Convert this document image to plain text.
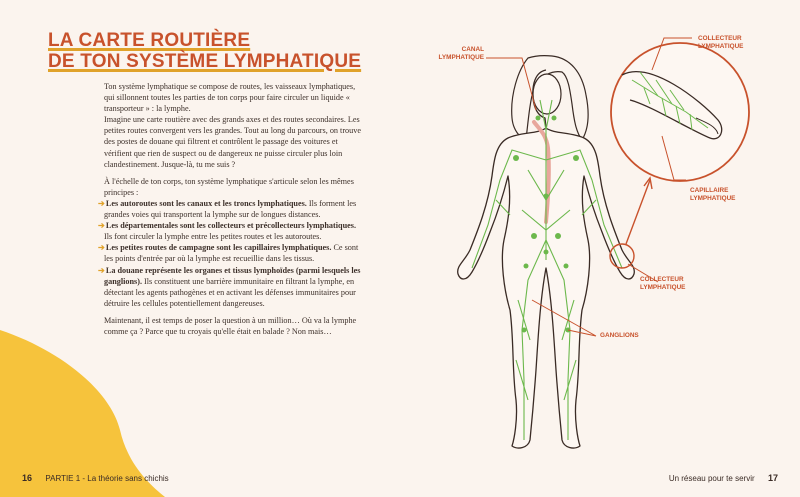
LA CARTE ROUTIÈRE
DE TON SYSTÈME LYMPHATIQUE

Ton système lymphatique se compose de routes, les vaisseaux lymphatiques, qui sillonnent toutes les parties de ton corps pour faire circuler un liquide « transporteur » : la lymphe.
Imagine une carte routière avec des grands axes et des routes secondaires. Les petites routes convergent vers les grandes. Tout au long du parcours, on trouve des postes de douane qui filtrent et contrôlent le passage des voitures et vérifient que rien de suspect ou de dangereux ne puisse circuler plus loin clandestinement. Jusque-là, tu me suis ?

À l'échelle de ton corps, ton système lymphatique s'articule selon les mêmes principes :

➔Les autoroutes sont les canaux et les troncs lymphatiques. Ils forment les grandes voies qui transportent la lymphe sur de longues distances.
➔Les départementales sont les collecteurs et précollecteurs lymphatiques. Ils font circuler la lymphe entre les petites routes et les autoroutes.
➔Les petites routes de campagne sont les capillaires lymphatiques. Ce sont les points d'entrée par où la lymphe est recueillie dans les tissus.
➔La douane représente les organes et tissus lymphoïdes (parmi lesquels les ganglions). Ils constituent une barrière immunitaire en filtrant la lymphe, en détectant les agents pathogènes et en activant les défenses immunitaires pour détruire les cellules potentiellement dangereuses.

Maintenant, il est temps de poser la question à un million… Où va la lymphe comme ça ? Parce que tu croyais qu'elle était en balade ? Non mais…

16 PARTIE 1 - La théorie sans chichis
CANAL
LYMPHATIQUE
COLLECTEUR
LYMPHATIQUE
CAPILLAIRE
LYMPHATIQUE
COLLECTEUR
LYMPHATIQUE
GANGLIONS
Un réseau pour te servir 17
